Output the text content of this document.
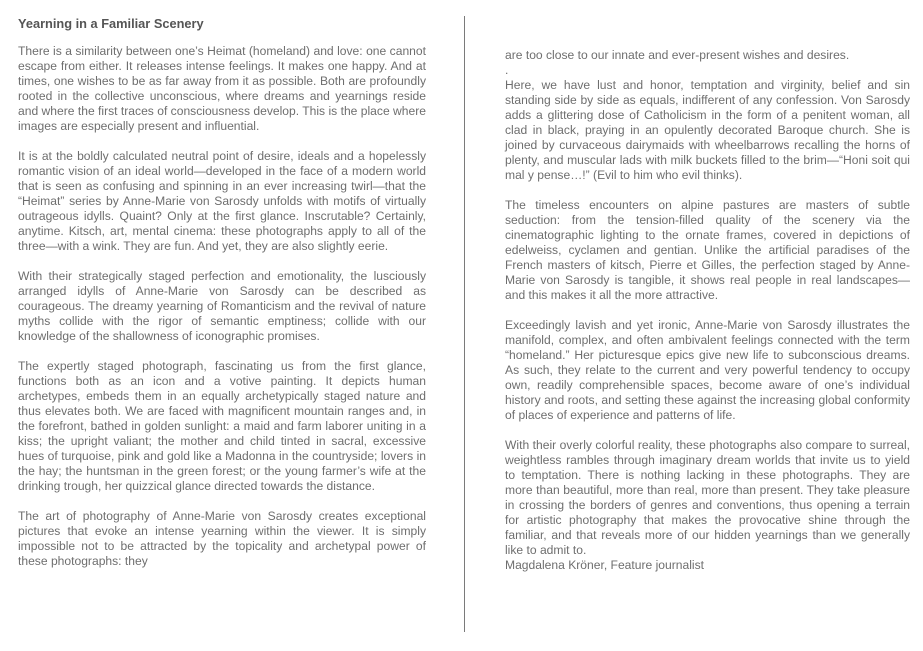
Yearning in a Familiar Scenery

There is a similarity between one’s Heimat (homeland) and love: one cannot escape from either. It releases intense feelings. It makes one happy. And at times, one wishes to be as far away from it as possible. Both are profoundly rooted in the collective unconscious, where dreams and yearnings reside and where the first traces of consciousness develop. This is the place where images are especially present and influential.

It is at the boldly calculated neutral point of desire, ideals and a hopelessly romantic vision of an ideal world—developed in the face of a modern world that is seen as confusing and spinning in an ever increasing twirl—that the “Heimat” series by Anne-Marie von Sarosdy unfolds with motifs of virtually outrageous idylls. Quaint? Only at the first glance. Inscrutable? Certainly, anytime. Kitsch, art, mental cinema: these photographs apply to all of the three—with a wink. They are fun. And yet, they are also slightly eerie.

With their strategically staged perfection and emotionality, the lusciously arranged idylls of Anne-Marie von Sarosdy can be described as courageous. The dreamy yearning of Romanticism and the revival of nature myths collide with the rigor of semantic emptiness; collide with our knowledge of the shallowness of iconographic promises.

The expertly staged photograph, fascinating us from the first glance, functions both as an icon and a votive painting. It depicts human archetypes, embeds them in an equally archetypically staged nature and thus elevates both. We are faced with magnificent mountain ranges and, in the forefront, bathed in golden sunlight: a maid and farm laborer uniting in a kiss; the upright valiant; the mother and child tinted in sacral, excessive hues of turquoise, pink and gold like a Madonna in the countryside; lovers in the hay; the huntsman in the green forest; or the young farmer’s wife at the drinking trough, her quizzical glance directed towards the distance.

The art of photography of Anne-Marie von Sarosdy creates exceptional pictures that evoke an intense yearning within the viewer. It is simply impossible not to be attracted by the topicality and archetypal power of these photographs: they

are too close to our innate and ever-present wishes and desires.

.

Here, we have lust and honor, temptation and virginity, belief and sin standing side by side as equals, indifferent of any confession. Von Sarosdy adds a glittering dose of Catholicism in the form of a penitent woman, all clad in black, praying in an opulently decorated Baroque church. She is joined by curvaceous dairymaids with wheelbarrows recalling the horns of plenty, and muscular lads with milk buckets filled to the brim—“Honi soit qui mal y pense…!” (Evil to him who evil thinks).

The timeless encounters on alpine pastures are masters of subtle seduction: from the tension-filled quality of the scenery via the cinematographic lighting to the ornate frames, covered in depictions of edelweiss, cyclamen and gentian. Unlike the artificial paradises of the French masters of kitsch, Pierre et Gilles, the perfection staged by Anne-Marie von Sarosdy is tangible, it shows real people in real landscapes—and this makes it all the more attractive.

Exceedingly lavish and yet ironic, Anne-Marie von Sarosdy illustrates the manifold, complex, and often ambivalent feelings connected with the term “homeland.” Her picturesque epics give new life to subconscious dreams. As such, they relate to the current and very powerful tendency to occupy own, readily comprehensible spaces, become aware of one’s individual history and roots, and setting these against the increasing global conformity of places of experience and patterns of life.

With their overly colorful reality, these photographs also compare to surreal, weightless rambles through imaginary dream worlds that invite us to yield to temptation. There is nothing lacking in these photographs. They are more than beautiful, more than real, more than present. They take pleasure in crossing the borders of genres and conventions, thus opening a terrain for artistic photography that makes the provocative shine through the familiar, and that reveals more of our hidden yearnings than we generally like to admit to.

Magdalena Kröner, Feature journalist
